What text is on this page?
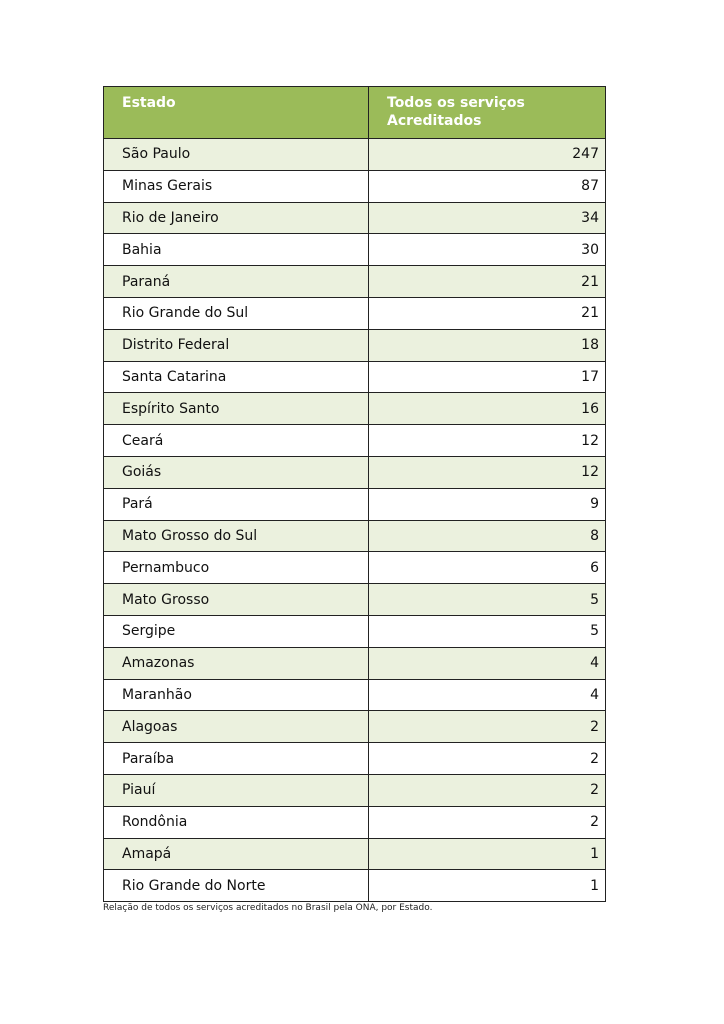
Estado	Todos os serviços Acreditados
São Paulo	247
Minas Gerais	87
Rio de Janeiro	34
Bahia	30
Paraná	21
Rio Grande do Sul	21
Distrito Federal	18
Santa Catarina	17
Espírito Santo	16
Ceará	12
Goiás	12
Pará	9
Mato Grosso do Sul	8
Pernambuco	6
Mato Grosso	5
Sergipe	5
Amazonas	4
Maranhão	4
Alagoas	2
Paraíba	2
Piauí	2
Rondônia	2
Amapá	1
Rio Grande do Norte	1
Relação de todos os serviços acreditados no Brasil pela ONA, por Estado.
